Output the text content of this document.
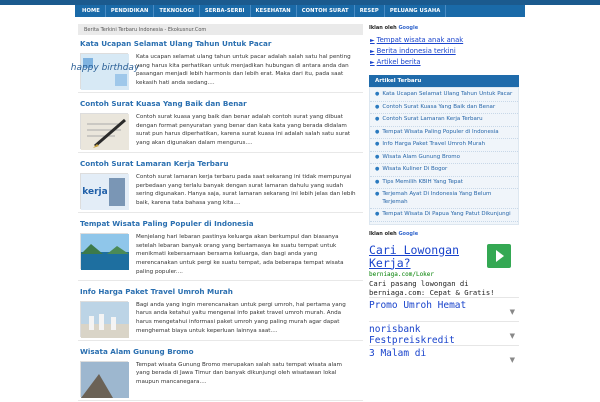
HOME	PENDIDIKAN	TEKNOLOGI	SERBA-SERBI	KESEHATAN	CONTOH SURAT	RESEP	PELUANG USAHA
Berita Terkini Terbaru Indonesia - Ekokusnur.Com
Kata Ucapan Selamat Ulang Tahun Untuk Pacar
happy birthday
Kata ucapan selamat ulang tahun untuk pacar adalah salah satu hal penting yang harus kita perhatikan untuk menjadikan hubungan di antara anda dan pasangan menjadi lebih harmonis dan lebih erat. Maka dari itu, pada saat kekasih hati anda sedang....
Contoh Surat Kuasa Yang Baik dan Benar
Contoh surat kuasa yang baik dan benar adalah contoh surat yang dibuat dengan format penyuratan yang benar dan kata kata yang berada didalam surat pun harus diperhatikan, karena surat kuasa ini adalah salah satu surat yang akan digunakan dalam mengurus....
Contoh Surat Lamaran Kerja Terbaru
kerja
Contoh surat lamaran kerja terbaru pada saat sekarang ini tidak mempunyai perbedaan yang terlalu banyak dengan surat lamaran dahulu yang sudah sering digunakan. Hanya saja, surat lamaran sekarang ini lebih jelas dan lebih baik, karena tata bahasa yang kita....
Tempat Wisata Paling Populer di Indonesia
Menjelang hari lebaran pastinya keluarga akan berkumpul dan biasanya setelah lebaran banyak orang yang bertamasya ke suatu tempat untuk menikmati kebersamaan bersama keluarga, dan bagi anda yang merencanakan untuk pergi ke suatu tempat, ada beberapa tempat wisata paling populer....
Info Harga Paket Travel Umroh Murah
Bagi anda yang ingin merencanakan untuk pergi umroh, hal pertama yang harus anda ketahui yaitu mengenai info paket travel umroh murah. Anda harus mengetahui informasi paket umroh yang paling murah agar dapat menghemat biaya untuk keperluan lainnya saat....
Wisata Alam Gunung Bromo
Tempat wisata Gunung Bromo merupakan salah satu tempat wisata alam yang berada di Jawa Timur dan banyak dikunjungi oleh wisatawan lokal maupun mancanegara....
Iklan oleh Google
► Tempat wisata anak anak
► Berita indonesia terkini
► Artikel berita
Artikel Terbaru
● Kata Ucapan Selamat Ulang Tahun Untuk Pacar
● Contoh Surat Kuasa Yang Baik dan Benar
● Contoh Surat Lamaran Kerja Terbaru
● Tempat Wisata Paling Populer di Indonesia
● Info Harga Paket Travel Umroh Murah
● Wisata Alam Gunung Bromo
● Wisata Kuliner Di Bogor
● Tips Memilih KBIH Yang Tepat
● Terjemah Ayat Di Indonesia Yang Belum Terjemah
● Tempat Wisata Di Papua Yang Patut Dikunjungi
Iklan oleh Google
Cari Lowongan Kerja?
berniaga.com/Loker
Cari pasang lowongan di berniaga.com: Cepat & Gratis!
Promo Umroh Hemat
▼
norisbank Festpreiskredit	▼
3 Malam di
▼
